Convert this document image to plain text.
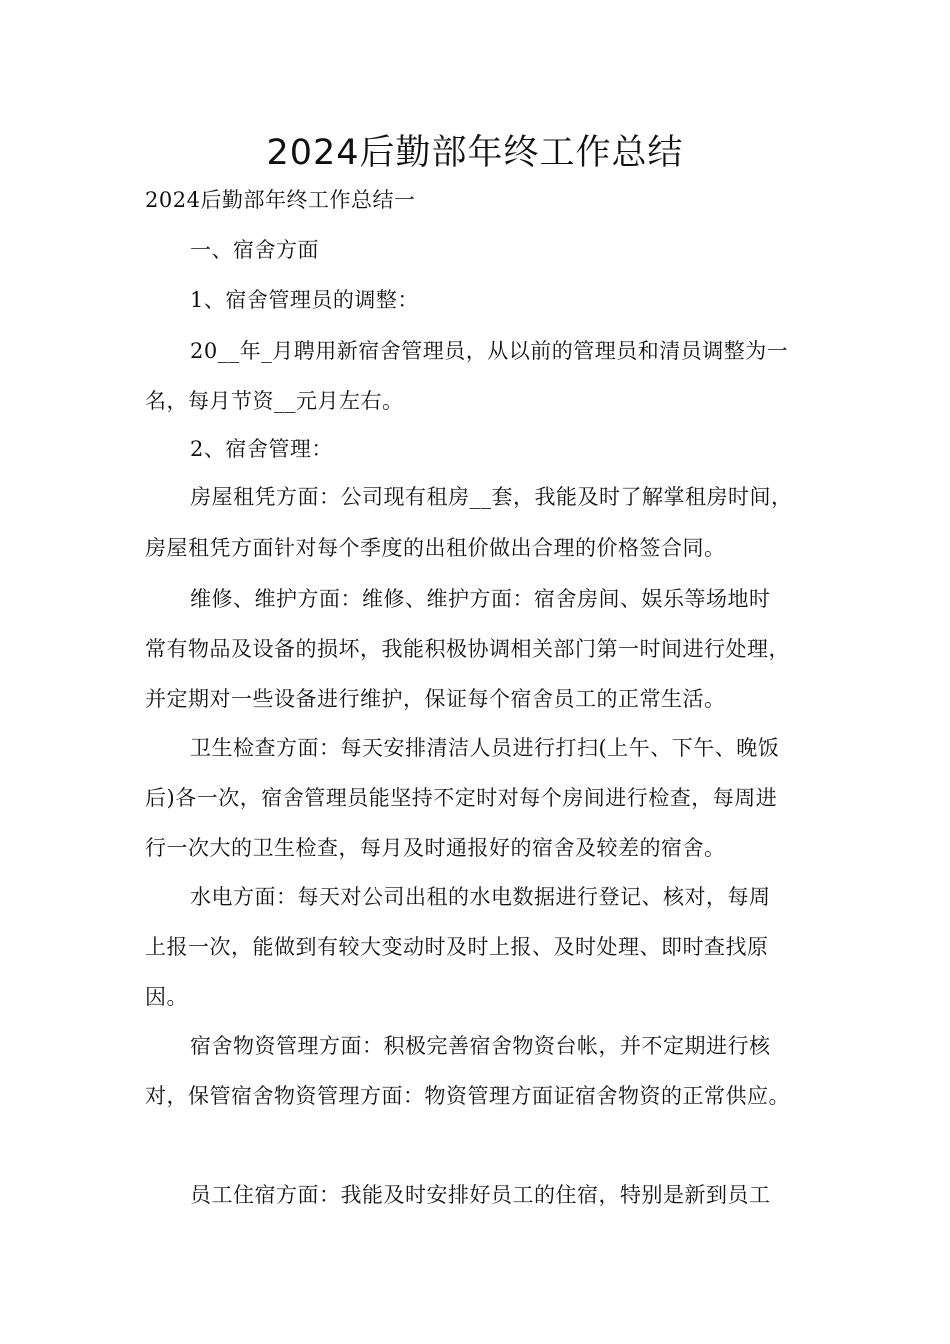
2024后勤部年终工作总结
2024后勤部年终工作总结一
一、宿舍方面
1、宿舍管理员的调整：
20__年_月聘用新宿舍管理员，从以前的管理员和清员调整为一
名，每月节资__元月左右。
2、宿舍管理：
房屋租凭方面：公司现有租房__套，我能及时了解掌租房时间，
房屋租凭方面针对每个季度的出租价做出合理的价格签合同。
维修、维护方面：维修、维护方面：宿舍房间、娱乐等场地时
常有物品及设备的损坏，我能积极协调相关部门第一时间进行处理，
并定期对一些设备进行维护，保证每个宿舍员工的正常生活。
卫生检查方面：每天安排清洁人员进行打扫(上午、下午、晚饭
后)各一次，宿舍管理员能坚持不定时对每个房间进行检查，每周进
行一次大的卫生检查，每月及时通报好的宿舍及较差的宿舍。
水电方面：每天对公司出租的水电数据进行登记、核对，每周
上报一次，能做到有较大变动时及时上报、及时处理、即时查找原
因。
宿舍物资管理方面：积极完善宿舍物资台帐，并不定期进行核
对，保管宿舍物资管理方面：物资管理方面证宿舍物资的正常供应。
员工住宿方面：我能及时安排好员工的住宿，特别是新到员工
